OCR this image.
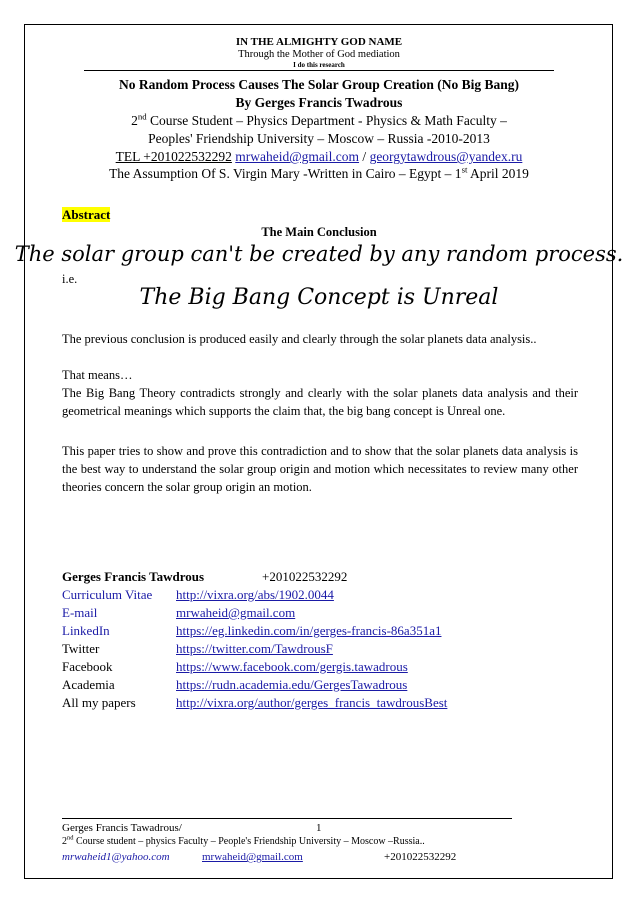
IN THE ALMIGHTY GOD NAME
Through the Mother of God mediation
I do this research
No Random Process Causes The Solar Group Creation (No Big Bang)
By Gerges Francis Twadrous
2nd Course Student – Physics Department - Physics & Math Faculty –
Peoples' Friendship University – Moscow – Russia -2010-2013
TEL +201022532292 mrwaheid@gmail.com / georgytawdrous@yandex.ru
The Assumption Of S. Virgin Mary -Written in Cairo – Egypt – 1st April 2019
Abstract
The Main Conclusion
The solar group can't be created by any random process.
i.e.
The Big Bang Concept is Unreal
The previous conclusion is produced easily and clearly through the solar planets data analysis..
That means…
The Big Bang Theory contradicts strongly and clearly with the solar planets data analysis and their geometrical meanings which supports the claim that, the big bang concept is Unreal one.
This paper tries to show and prove this contradiction and to show that the solar planets data analysis is the best way to understand the solar group origin and motion which necessitates to review many other theories concern the solar group origin an motion.
Gerges Francis Tawdrous	+201022532292
Curriculum Vitae http://vixra.org/abs/1902.0044
E-mail	mrwaheid@gmail.com
LinkedIn	https://eg.linkedin.com/in/gerges-francis-86a351a1
Twitter	https://twitter.com/TawdrousF
Facebook	https://www.facebook.com/gergis.tawadrous
Academia	https://rudn.academia.edu/GergesTawadrous
All my papers	http://vixra.org/author/gerges_francis_tawdrousBest
Gerges Francis Tawadrous/	1
2nd Course student – physics Faculty – People's Friendship University – Moscow –Russia..
mrwaheid1@yahoo.com	mrwaheid@gmail.com	+201022532292
